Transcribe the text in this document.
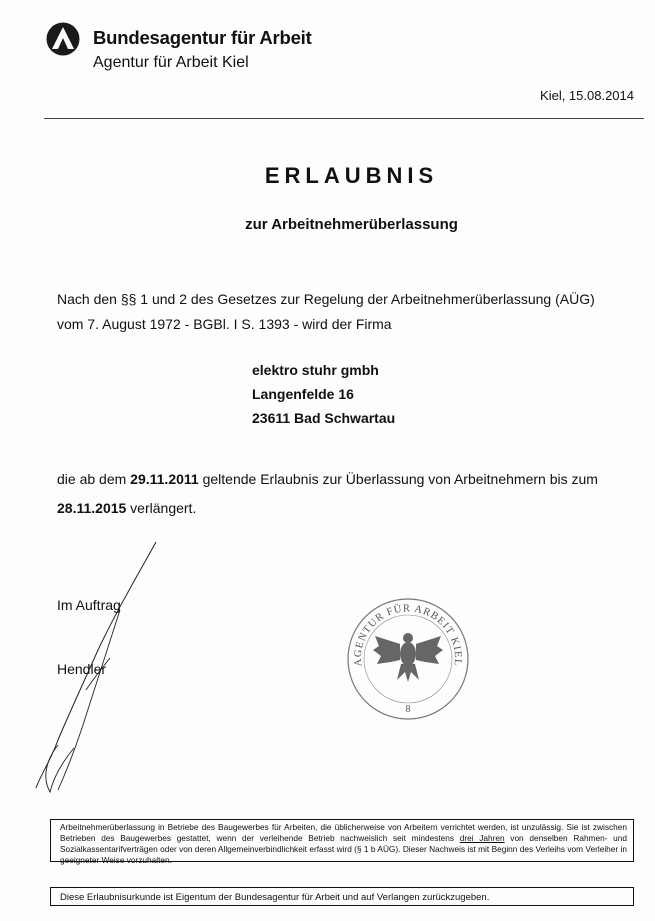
Bundesagentur für Arbeit
Agentur für Arbeit Kiel
Kiel, 15.08.2014
ERLAUBNIS
zur Arbeitnehmerüberlassung
Nach den §§ 1 und 2 des Gesetzes zur Regelung der Arbeitnehmerüberlassung (AÜG)
vom 7. August 1972 - BGBl. I S. 1393 - wird der Firma
elektro stuhr gmbh
Langenfelde 16
23611 Bad Schwartau
die ab dem 29.11.2011 geltende Erlaubnis zur Überlassung von Arbeitnehmern bis zum
28.11.2015 verlängert.
Im Auftrag
Hendler	AGENTUR FÜR ARBEIT KIEL
8
Arbeitnehmerüberlassung in Betriebe des Baugewerbes für Arbeiten, die üblicherweise von Arbeitern verrichtet werden, ist unzulässig. Sie ist zwischen Betrieben des Baugewerbes gestattet, wenn der verleihende Betrieb nachweislich seit mindestens drei Jahren von denselben Rahmen- und Sozialkassentarifverträgen oder von deren Allgemeinverbindlichkeit erfasst wird (§ 1 b AÜG). Dieser Nachweis ist mit Beginn des Verleihs vom Verleiher in geeigneter Weise vorzuhalten.
Diese Erlaubnisurkunde ist Eigentum der Bundesagentur für Arbeit und auf Verlangen zurückzugeben.
